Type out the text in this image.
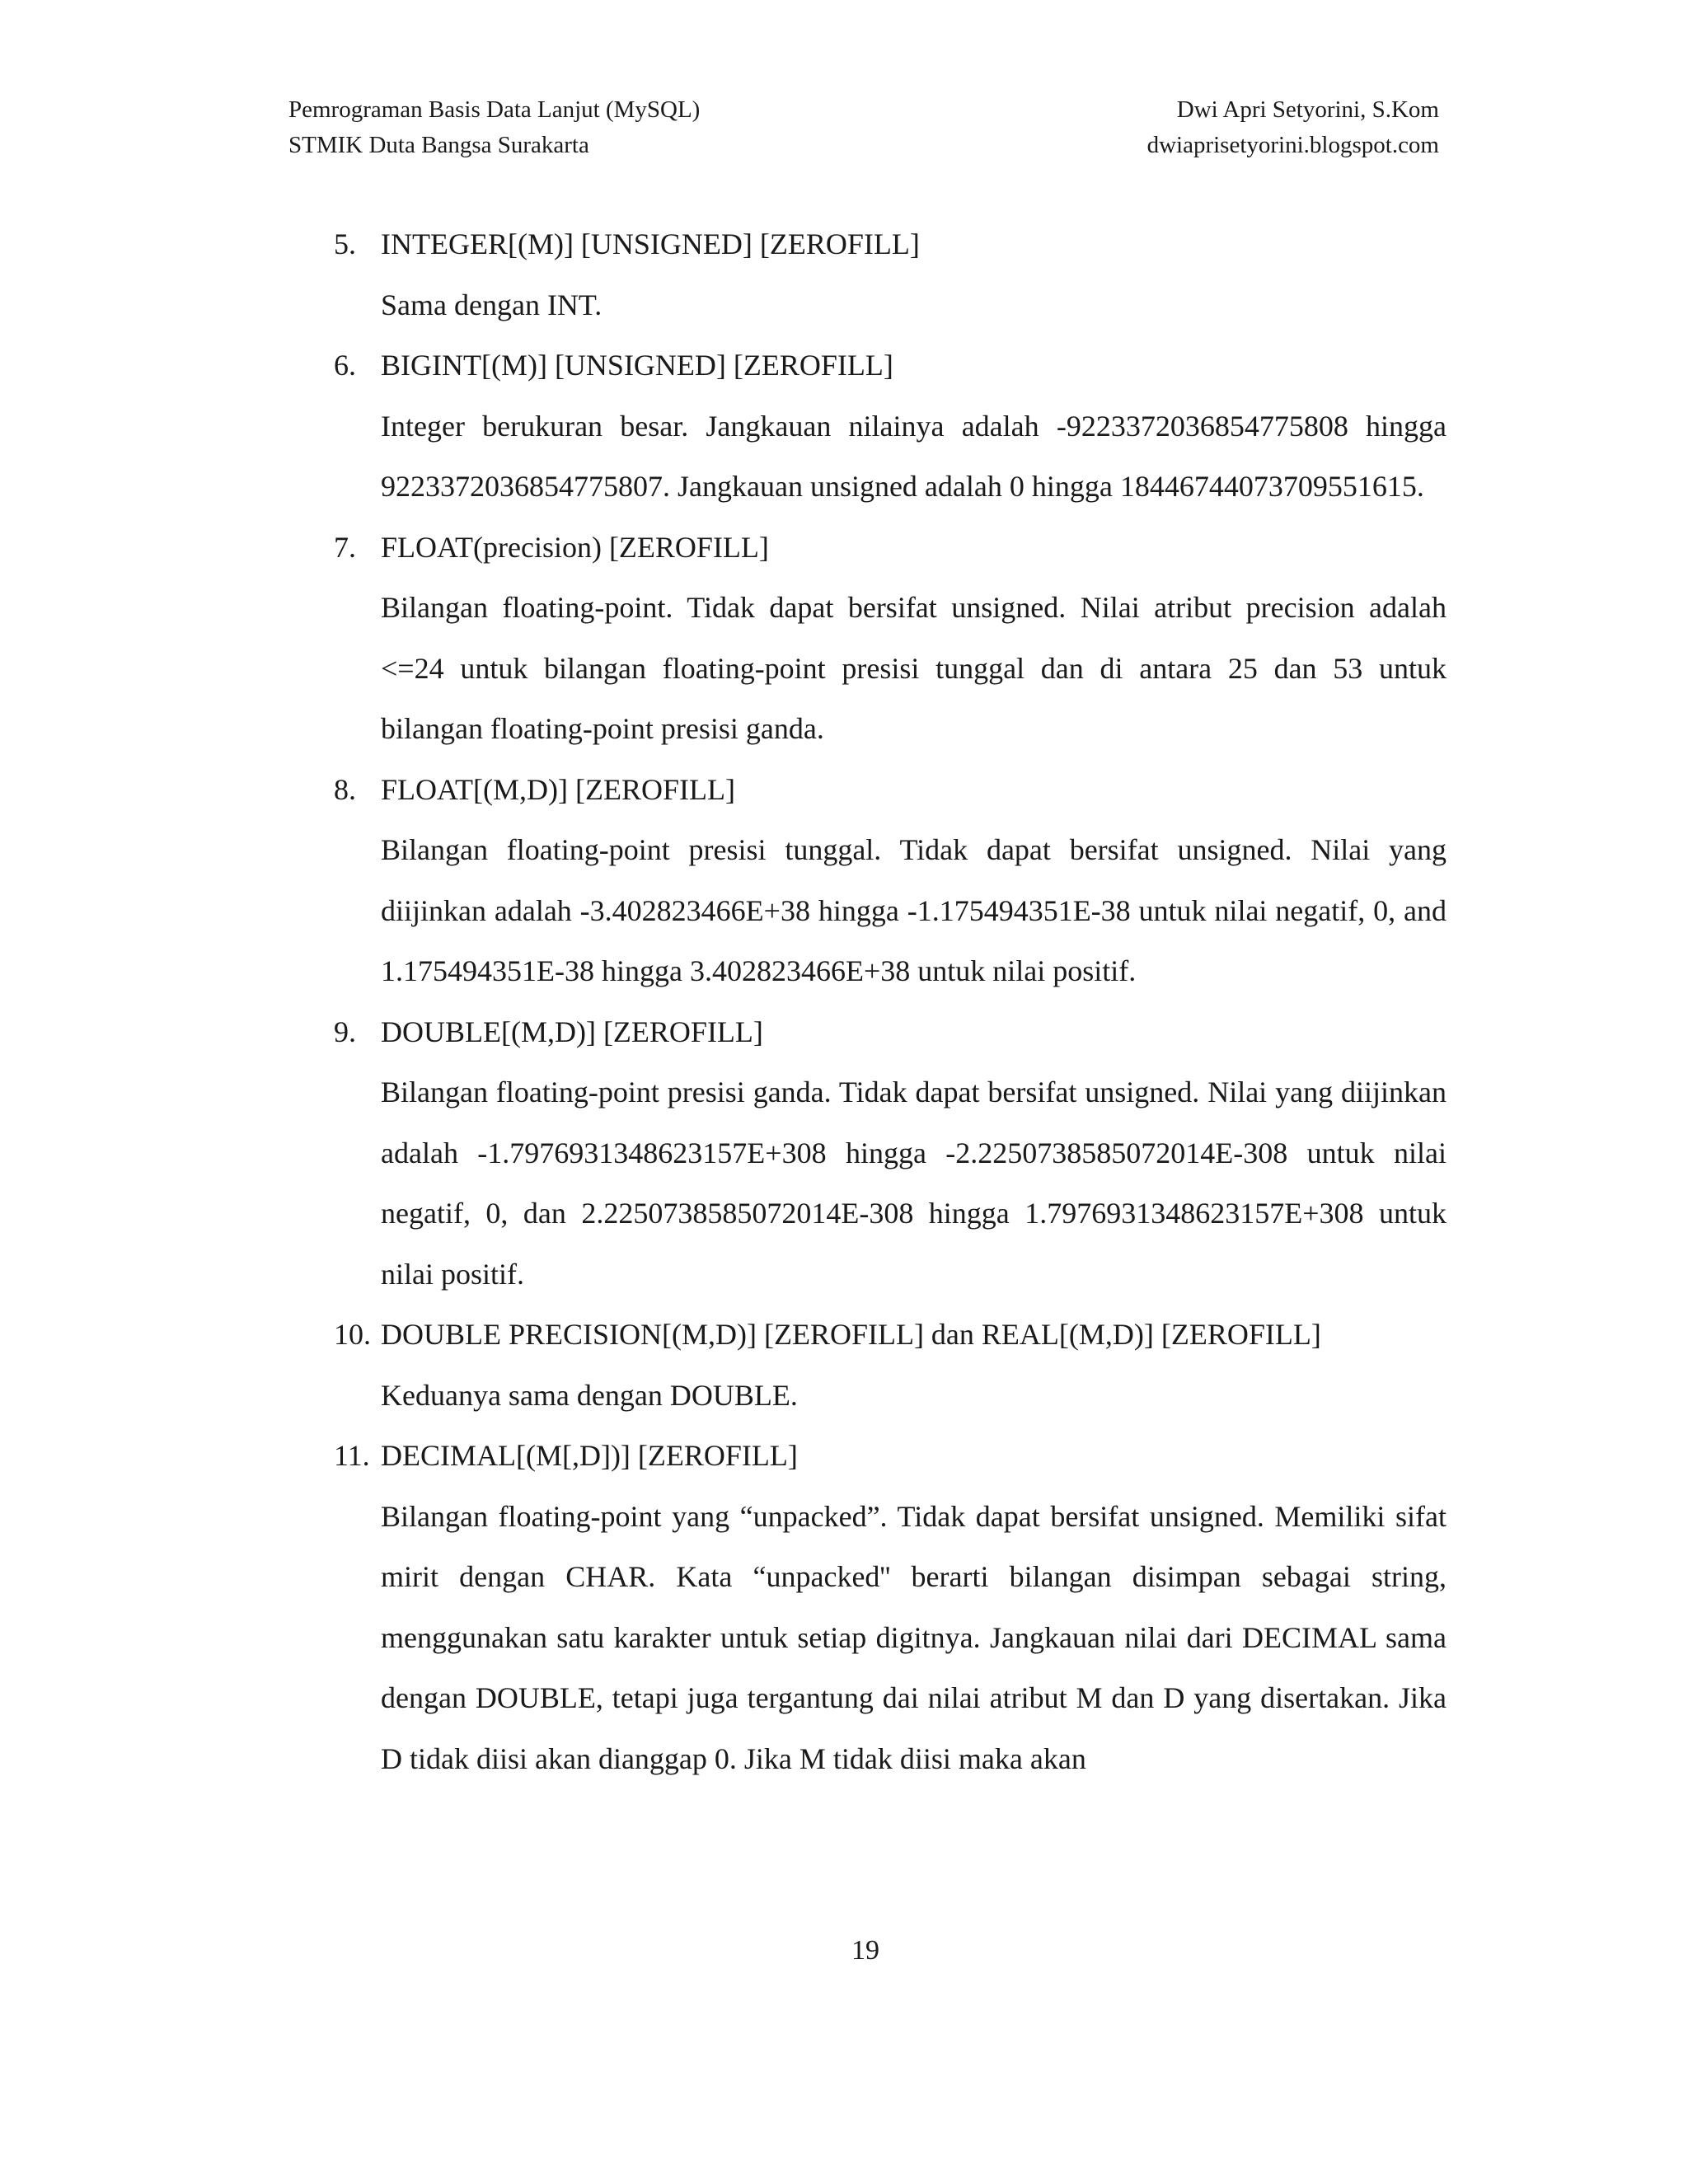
Pemrograman Basis Data Lanjut (MySQL)
STMIK Duta Bangsa Surakarta
Dwi Apri Setyorini, S.Kom
dwiaprisetyorini.blogspot.com
5. INTEGER[(M)] [UNSIGNED] [ZEROFILL]
Sama dengan INT.
6. BIGINT[(M)] [UNSIGNED] [ZEROFILL]
Integer berukuran besar. Jangkauan nilainya adalah -9223372036854775808 hingga 9223372036854775807. Jangkauan unsigned adalah 0 hingga 18446744073709551615.
7. FLOAT(precision) [ZEROFILL]
Bilangan floating-point. Tidak dapat bersifat unsigned. Nilai atribut precision adalah <=24 untuk bilangan floating-point presisi tunggal dan di antara 25 dan 53 untuk bilangan floating-point presisi ganda.
8. FLOAT[(M,D)] [ZEROFILL]
Bilangan floating-point presisi tunggal. Tidak dapat bersifat unsigned. Nilai yang diijinkan adalah -3.402823466E+38 hingga -1.175494351E-38 untuk nilai negatif, 0, and 1.175494351E-38 hingga 3.402823466E+38 untuk nilai positif.
9. DOUBLE[(M,D)] [ZEROFILL]
Bilangan floating-point presisi ganda. Tidak dapat bersifat unsigned. Nilai yang diijinkan adalah -1.7976931348623157E+308 hingga -2.2250738585072014E-308 untuk nilai negatif, 0, dan 2.2250738585072014E-308 hingga 1.7976931348623157E+308 untuk nilai positif.
10. DOUBLE PRECISION[(M,D)] [ZEROFILL] dan REAL[(M,D)] [ZEROFILL]
Keduanya sama dengan DOUBLE.
11. DECIMAL[(M[,D])] [ZEROFILL]
Bilangan floating-point yang “unpacked”. Tidak dapat bersifat unsigned. Memiliki sifat mirit dengan CHAR. Kata “unpacked'' berarti bilangan disimpan sebagai string, menggunakan satu karakter untuk setiap digitnya. Jangkauan nilai dari DECIMAL sama dengan DOUBLE, tetapi juga tergantung dai nilai atribut M dan D yang disertakan. Jika D tidak diisi akan dianggap 0. Jika M tidak diisi maka akan
19
